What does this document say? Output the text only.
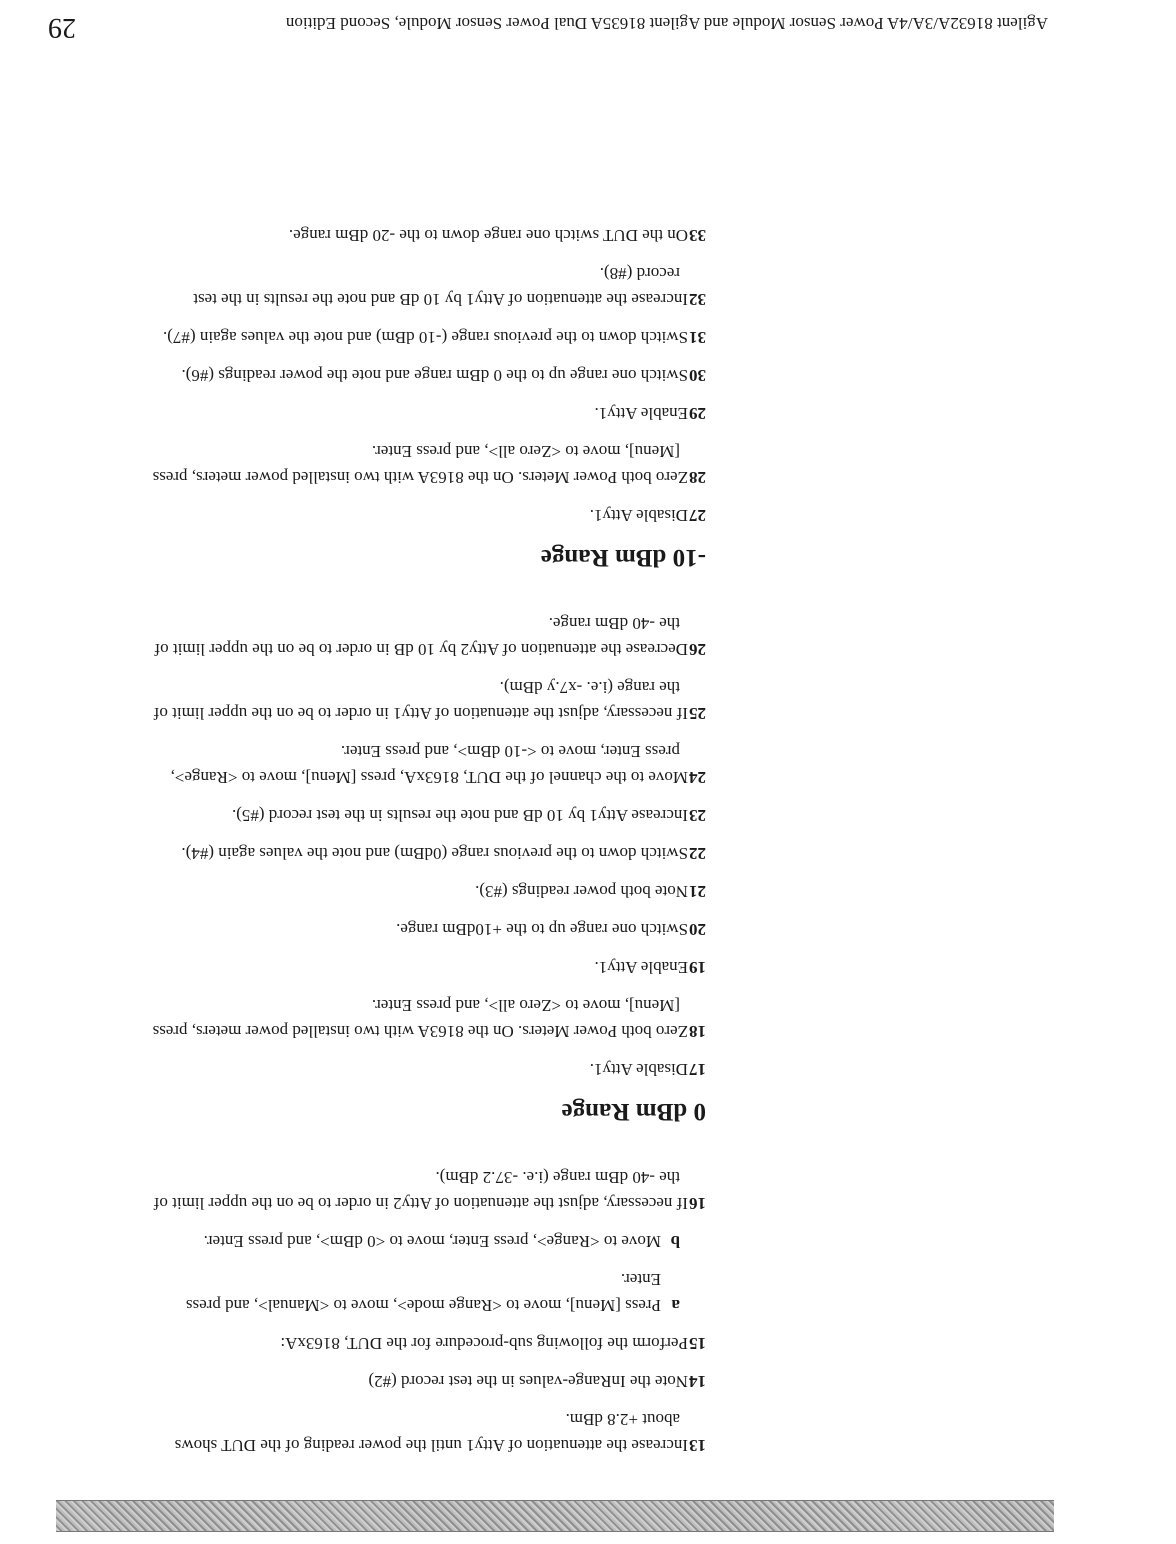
13
Increase the attenuation of Atty1 until the power reading of the DUT shows
about +2.8 dBm.
14
Note the InRange-values in the test record (#2)
15
Perform the following sub-procedure for the DUT, 8163xA:
a
Press [Menu], move to <Range mode>, move to <Manual>, and press
Enter.
b
Move to <Range>, press Enter, move to <0 dBm>, and press Enter.
16
If necessary, adjust the attenuation of Atty2 in order to be on the upper limit of
the -40 dBm range (i.e. -37.2 dBm).
0 dBm Range
17
Disable Atty1.
18
Zero both Power Meters. On the 8163A with two installed power meters, press
[Menu], move to <Zero all>, and press Enter.
19
Enable Atty1.
20
Switch one range up to the +10dBm range.
21
Note both power readings (#3).
22
Switch down to the previous range (0dBm) and note the values again (#4).
23
Increase Atty1 by 10 dB and note the results in the test record (#5).
24
Move to the channel of the DUT, 8163xA, press [Menu], move to <Range>,
press Enter, move to <-10 dBm>, and press Enter.
25
If necessary, adjust the attenuation of Atty1 in order to be on the upper limit of
the range (i.e. -x7.y dBm).
26
Decrease the attenuation of Atty2 by 10 dB in order to be on the upper limit of
the -40 dBm range.
-10 dBm Range
27
Disable Atty1.
28
Zero both Power Meters. On the 8163A with two installed power meters, press
[Menu], move to <Zero all>, and press Enter.
29
Enable Atty1.
30
Switch one range up to the 0 dBm range and note the power readings (#6).
31
Switch down to the previous range (-10 dBm) and note the values again (#7).
32
Increase the attenuation of Atty1 by 10 dB and note the results in the test
record (#8).
33
On the DUT switch one range down to the -20 dBm range.
Agilent 81632A/3A/4A Power Sensor Module and Agilent 81635A Dual Power Sensor Module, Second Edition
29
